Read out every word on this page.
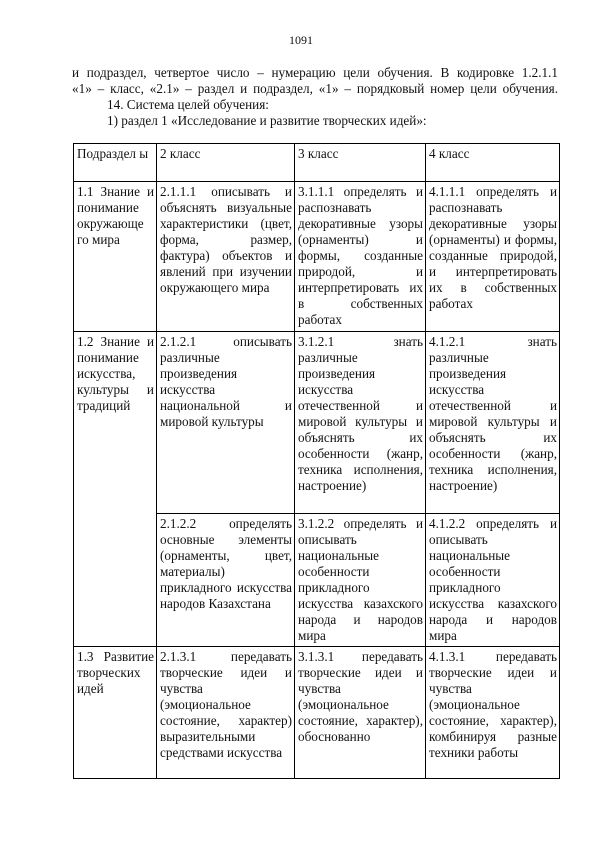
1091
и подраздел, четвертое число – нумерацию цели обучения. В кодировке 1.2.1.1
«1» – класс, «2.1» – раздел и подраздел, «1» – порядковый номер цели обучения.
14. Система целей обучения:
1) раздел 1 «Исследование и развитие творческих идей»:
Подраздел ы	2 класс	3 класс	4 класс

1.1 Знание и понимание окружающе го мира	2.1.1.1 описывать и объяснять визуальные характеристики (цвет, форма, размер, фактура) объектов и явлений при изучении окружающего мира	3.1.1.1 определять и распознавать декоративные узоры (орнаменты) и формы, созданные природой, и интерпретировать их в собственных работах	4.1.1.1 определять и распознавать декоративные узоры (орнаменты) и формы, созданные природой, и интерпретировать их в собственных работах

1.2 Знание и понимание искусства, культуры и традиций	2.1.2.1 описывать различные произведения искусства национальной и мировой культуры	3.1.2.1 знать различные произведения искусства отечественной и мировой культуры и объяснять их особенности (жанр, техника исполнения, настроение)	4.1.2.1 знать различные произведения искусства отечественной и мировой культуры и объяснять их особенности (жанр, техника исполнения, настроение)

	2.1.2.2 определять основные элементы (орнаменты, цвет, материалы) прикладного искусства народов Казахстана	3.1.2.2 определять и описывать национальные особенности прикладного искусства казахского народа и народов мира	4.1.2.2 определять и описывать национальные особенности прикладного искусства казахского народа и народов мира

1.3 Развитие творческих идей	2.1.3.1 передавать творческие идеи и чувства (эмоциональное состояние, характер) выразительными средствами искусства	3.1.3.1 передавать творческие идеи и чувства (эмоциональное состояние, характер), обоснованно	4.1.3.1 передавать творческие идеи и чувства (эмоциональное состояние, характер), комбинируя разные техники работы
